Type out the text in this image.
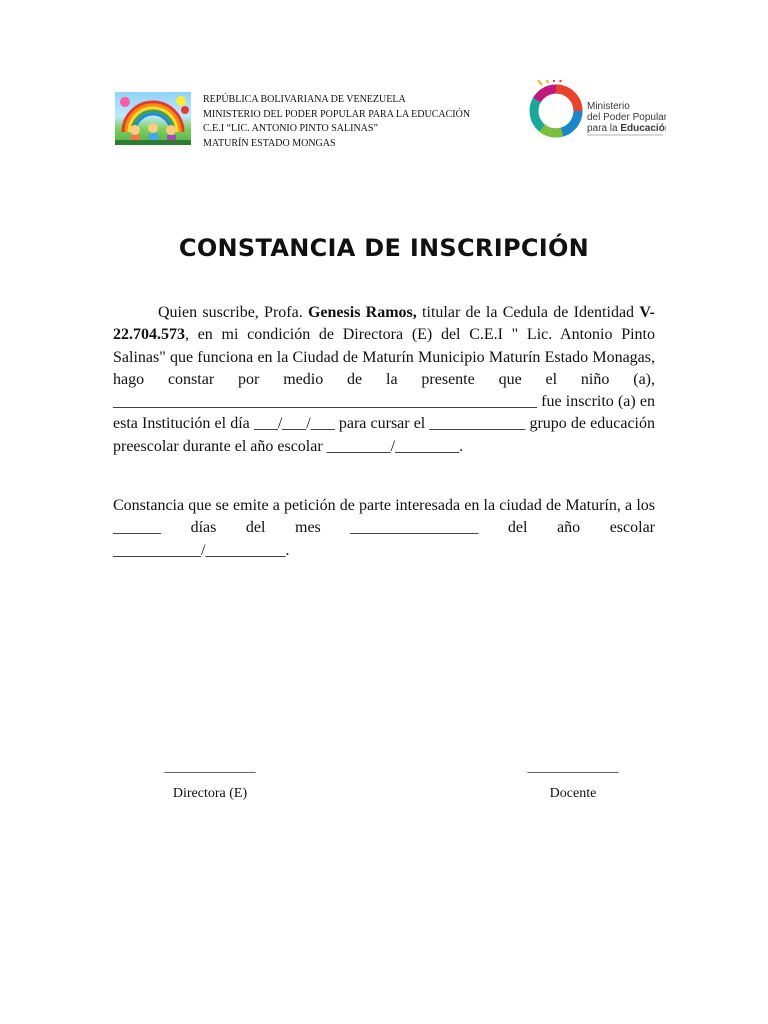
REPÚBLICA BOLIVARIANA DE VENEZUELA
MINISTERIO DEL PODER POPULAR PARA LA EDUCACIÓN
C.E.I “LIC. ANTONIO PINTO SALINAS”
MATURÍN ESTADO MONGAS
Ministerio
del Poder Popular
para la Educación
CONSTANCIA DE INSCRIPCIÓN
Quien suscribe, Profa. Genesis Ramos, titular de la Cedula de Identidad V-22.704.573, en mi condición de Directora (E) del C.E.I " Lic. Antonio Pinto Salinas" que funciona en la Ciudad de Maturín Municipio Maturín Estado Monagas, hago constar por medio de la presente que el niño (a), _____________________________________________________ fue inscrito (a) en esta Institución el día ___/___/___ para cursar el ____________ grupo de educación preescolar durante el año escolar ________/________.
Constancia que se emite a petición de parte interesada en la ciudad de Maturín, a los ______ días del mes ________________ del año escolar ___________/__________.
_____________
Directora (E)
_____________
Docente
